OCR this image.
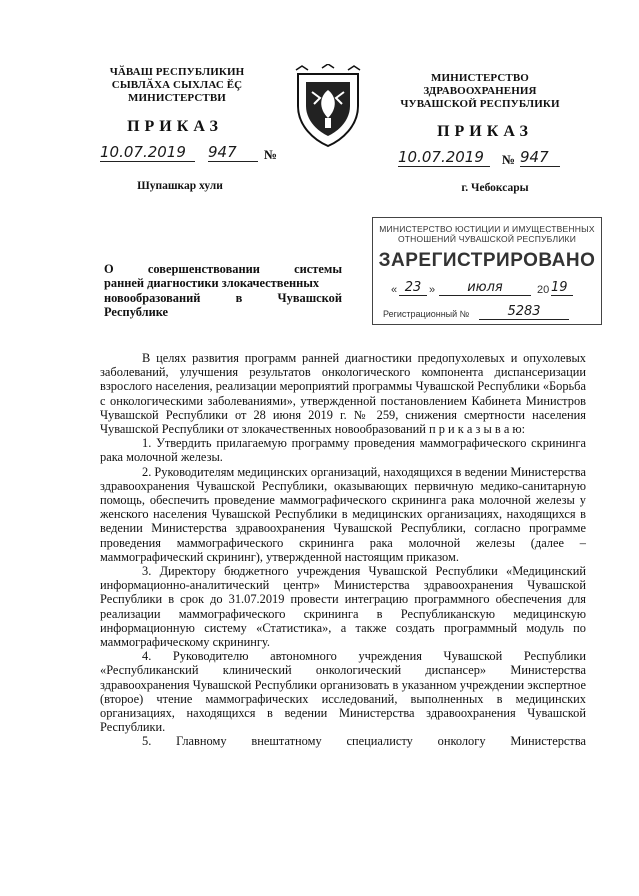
ЧӐВАШ РЕСПУБЛИКИН
СЫВЛӐХА СЫХЛАС ӖҪ
МИНИСТЕРСТВИ
ПРИКАЗ
10.07.2019	947	№
Шупашкар хули
МИНИСТЕРСТВО
ЗДРАВООХРАНЕНИЯ
ЧУВАШСКОЙ РЕСПУБЛИКИ
ПРИКАЗ
10.07.2019	№ 947
г. Чебоксары
МИНИСТЕРСТВО ЮСТИЦИИ И ИМУЩЕСТВЕННЫХ
ОТНОШЕНИЙ ЧУВАШСКОЙ РЕСПУБЛИКИ
ЗАРЕГИСТРИРОВАНО
« 23 »	июля	20 19
Регистрационный №	5283
О	совершенствовании	системы
ранней диагностики злокачественных
новообразований	в	Чувашской
Республике

В целях развития программ ранней диагностики предопухолевых и опухолевых заболеваний, улучшения результатов онкологического компонента диспансеризации взрослого населения, реализации мероприятий программы Чувашской Республики «Борьба с онкологическими заболеваниями», утвержденной постановлением Кабинета Министров Чувашской Республики от 28 июня 2019 г. № 259, снижения смертности населения Чувашской Республики от злокачественных новообразований п р и к а з ы в а ю:

1. Утвердить прилагаемую программу проведения маммографического скрининга рака молочной железы.

2. Руководителям медицинских организаций, находящихся в ведении Министерства здравоохранения Чувашской Республики, оказывающих первичную медико-санитарную помощь, обеспечить проведение маммографического скрининга рака молочной железы у женского населения Чувашской Республики в медицинских организациях, находящихся в ведении Министерства здравоохранения Чувашской Республики, согласно программе проведения маммографического скрининга рака молочной железы (далее – маммографический скрининг), утвержденной настоящим приказом.

3. Директору бюджетного учреждения Чувашской Республики «Медицинский информационно-аналитический центр» Министерства здравоохранения Чувашской Республики в срок до 31.07.2019 провести интеграцию программного обеспечения для реализации маммографического скрининга в Республиканскую медицинскую информационную систему «Статистика», а также создать программный модуль по маммографическому скринингу.

4. Руководителю автономного учреждения Чувашской Республики «Республиканский клинический онкологический диспансер» Министерства здравоохранения Чувашской Республики организовать в указанном учреждении экспертное (второе) чтение маммографических исследований, выполненных в медицинских организациях, находящихся в ведении Министерства здравоохранения Чувашской Республики.

5. Главному внештатному специалисту онкологу Министерства
